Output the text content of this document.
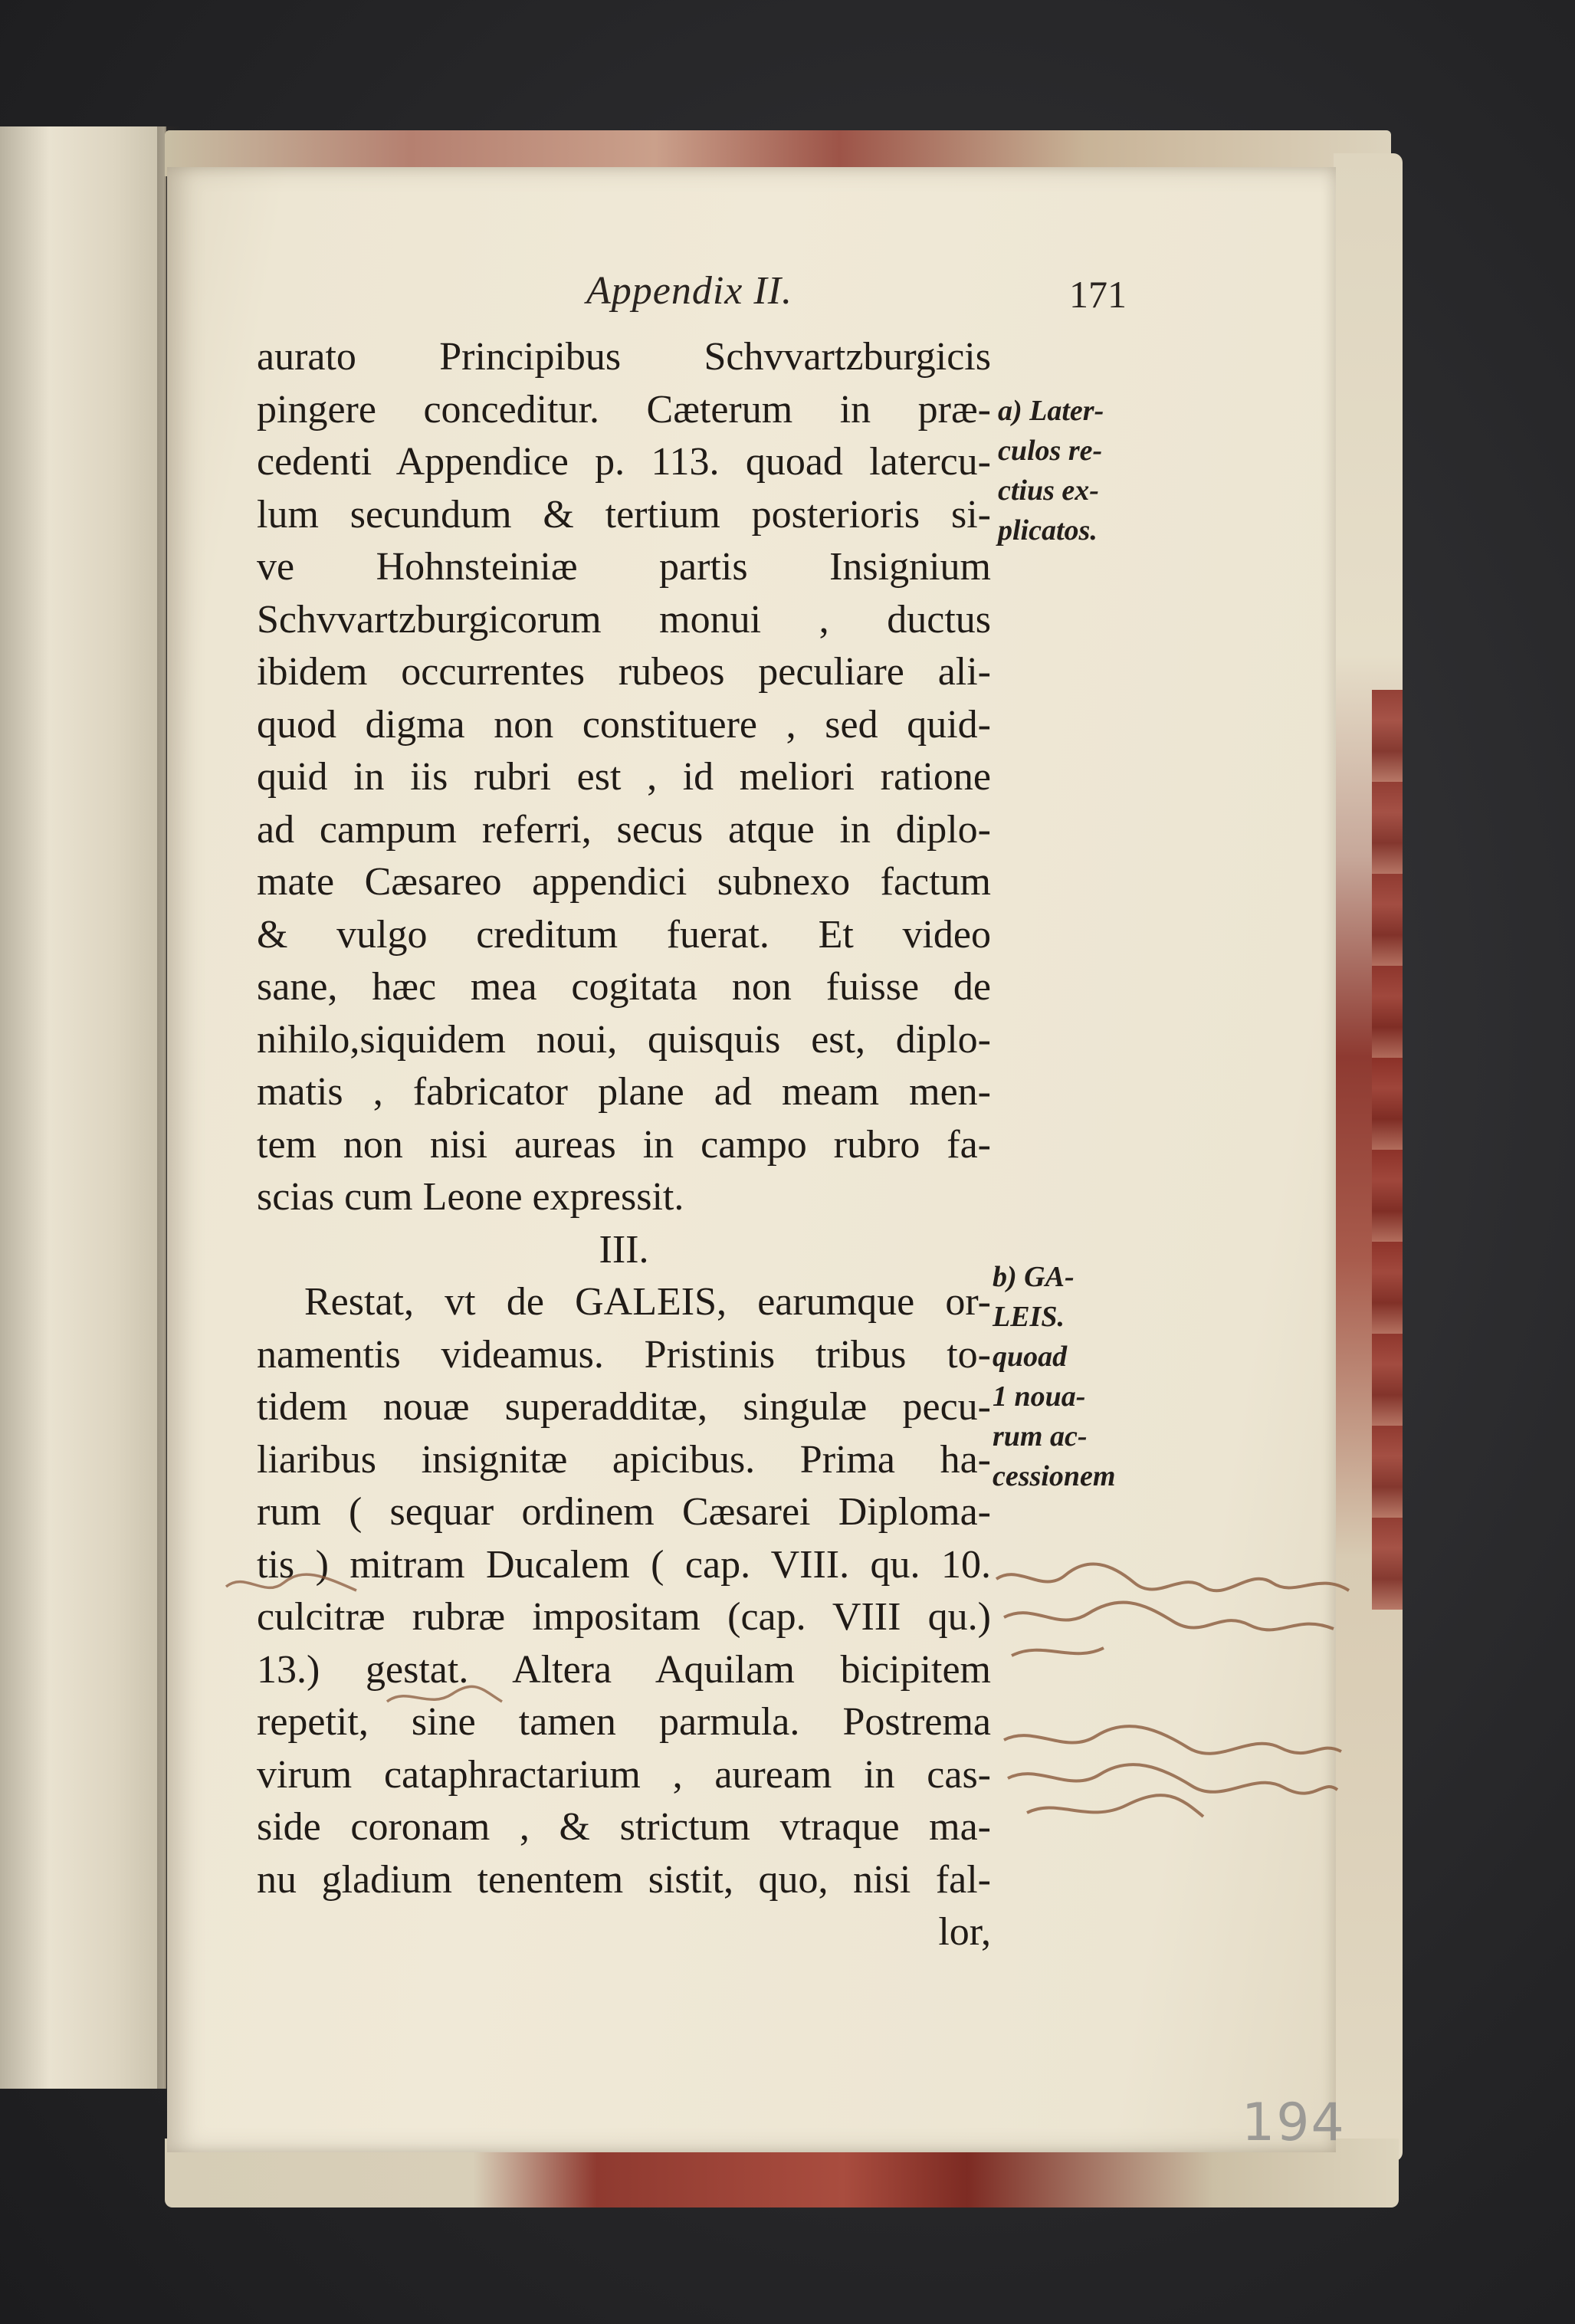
Appendix II.	171
aurato Principibus Schvvartzburgicis
pingere conceditur. Cæterum in præ-
cedenti Appendice p. 113. quoad latercu-
lum secundum & tertium posterioris si-
ve Hohnsteiniæ partis Insignium
Schvvartzburgicorum monui , ductus
ibidem occurrentes rubeos peculiare ali-
quod digma non constituere , sed quid-
quid in iis rubri est , id meliori ratione
ad campum referri, secus atque in diplo-
mate Cæsareo appendici subnexo factum
& vulgo creditum fuerat. Et video
sane, hæc mea cogitata non fuisse de
nihilo,siquidem noui, quisquis est, diplo-
matis , fabricator plane ad meam men-
tem non nisi aureas in campo rubro fa-
scias cum Leone expressit.
III.
Restat, vt de GALEIS, earumque or-
namentis videamus. Pristinis tribus to-
tidem nouæ superadditæ, singulæ pecu-
liaribus insignitæ apicibus. Prima ha-
rum ( sequar ordinem Cæsarei Diploma-
tis ) mitram Ducalem ( cap. VIII. qu. 10.
culcitræ rubræ impositam (cap. VIII qu.)
13.) gestat. Altera Aquilam bicipitem
repetit, sine tamen parmula. Postrema
virum cataphractarium , auream in cas-
side coronam , & strictum vtraque ma-
nu gladium tenentem sistit, quo, nisi fal-
lor,
a) Later-
culos re-
ctius ex-
plicatos.
b) GA-
LEIS.
quoad
1 noua-
rum ac-
cessionem
194
